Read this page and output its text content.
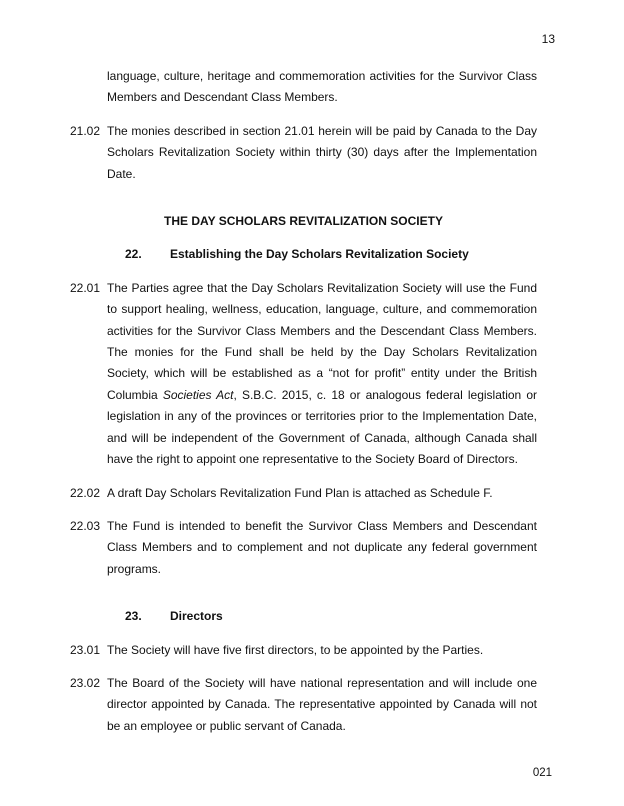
13
language, culture, heritage and commemoration activities for the Survivor Class Members and Descendant Class Members.
21.02 The monies described in section 21.01 herein will be paid by Canada to the Day Scholars Revitalization Society within thirty (30) days after the Implementation Date.
THE DAY SCHOLARS REVITALIZATION SOCIETY
22.	Establishing the Day Scholars Revitalization Society
22.01 The Parties agree that the Day Scholars Revitalization Society will use the Fund to support healing, wellness, education, language, culture, and commemoration activities for the Survivor Class Members and the Descendant Class Members. The monies for the Fund shall be held by the Day Scholars Revitalization Society, which will be established as a “not for profit” entity under the British Columbia Societies Act, S.B.C. 2015, c. 18 or analogous federal legislation or legislation in any of the provinces or territories prior to the Implementation Date, and will be independent of the Government of Canada, although Canada shall have the right to appoint one representative to the Society Board of Directors.
22.02 A draft Day Scholars Revitalization Fund Plan is attached as Schedule F.
22.03 The Fund is intended to benefit the Survivor Class Members and Descendant Class Members and to complement and not duplicate any federal government programs.
23.	Directors
23.01 The Society will have five first directors, to be appointed by the Parties.
23.02 The Board of the Society will have national representation and will include one director appointed by Canada. The representative appointed by Canada will not be an employee or public servant of Canada.
021
